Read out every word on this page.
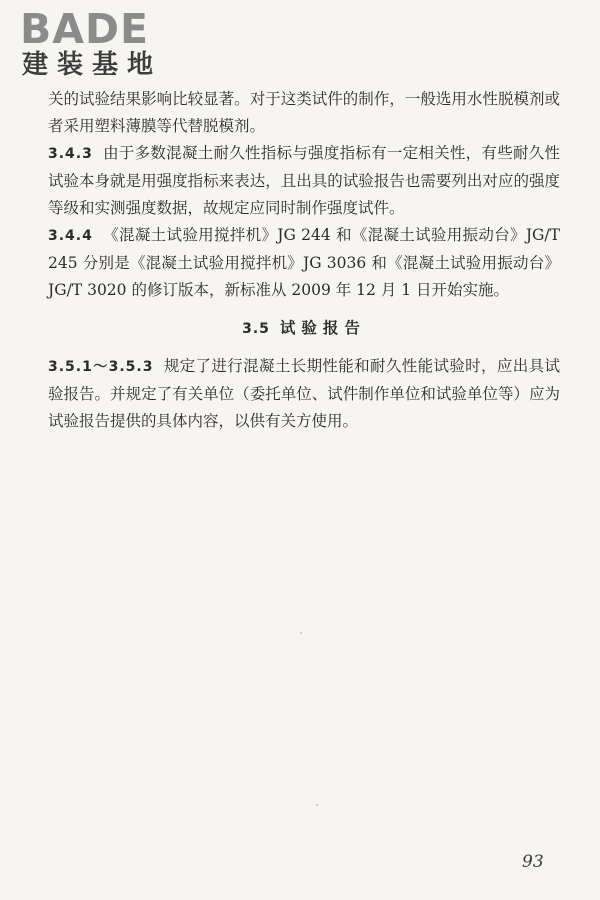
BADE
建装基地

关的试验结果影响比较显著。对于这类试件的制作，一般选用水性脱模剂或者采用塑料薄膜等代替脱模剂。

3.4.3 由于多数混凝土耐久性指标与强度指标有一定相关性，有些耐久性试验本身就是用强度指标来表达，且出具的试验报告也需要列出对应的强度等级和实测强度数据，故规定应同时制作强度试件。

3.4.4 《混凝土试验用搅拌机》JG 244 和《混凝土试验用振动台》JG/T 245 分别是《混凝土试验用搅拌机》JG 3036 和《混凝土试验用振动台》JG/T 3020 的修订版本，新标准从 2009 年 12 月 1 日开始实施。

3.5 试验报告

3.5.1～3.5.3 规定了进行混凝土长期性能和耐久性能试验时，应出具试验报告。并规定了有关单位（委托单位、试件制作单位和试验单位等）应为试验报告提供的具体内容，以供有关方使用。

93
